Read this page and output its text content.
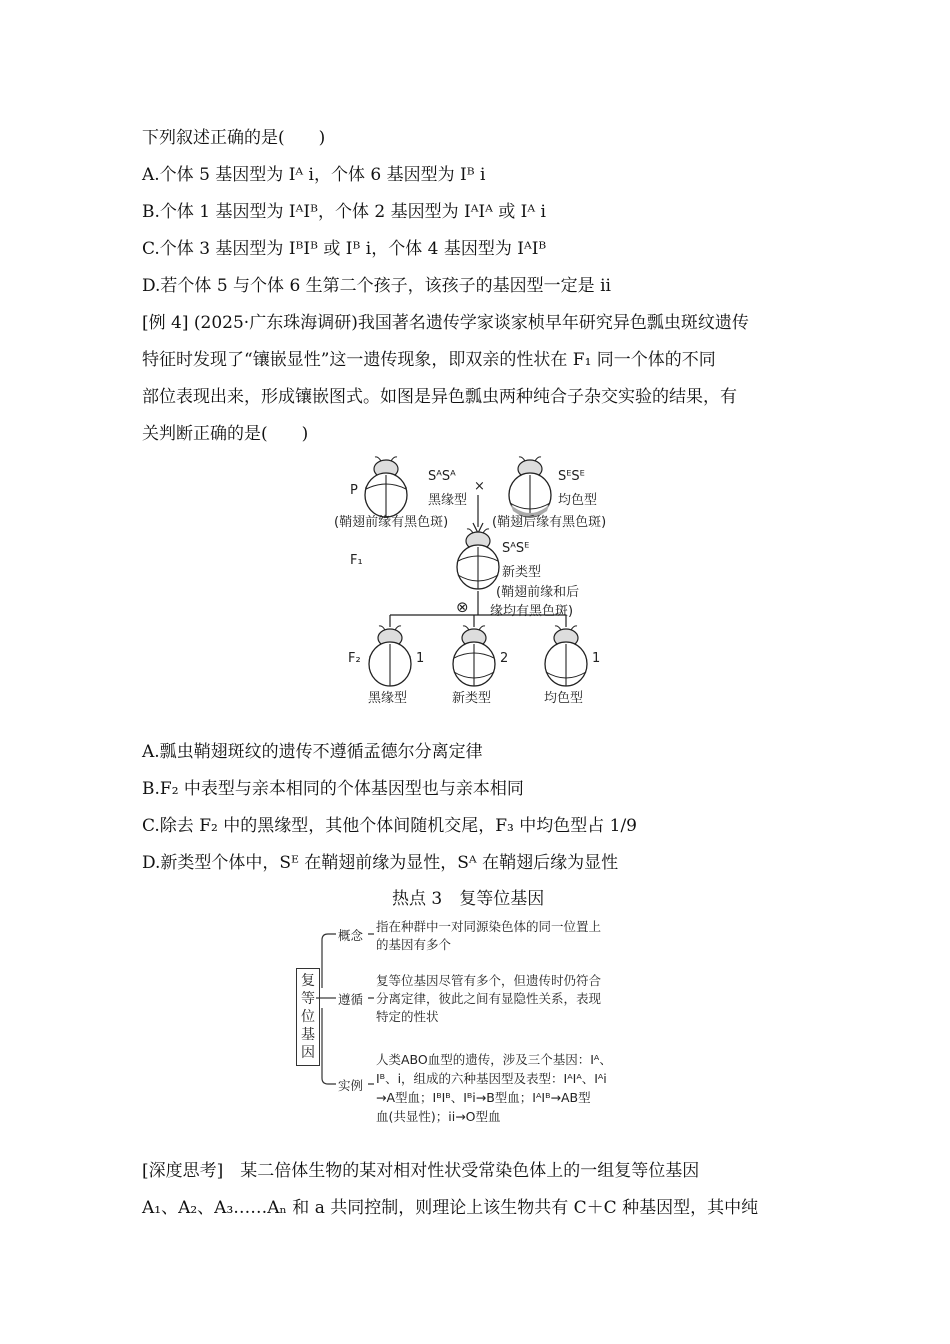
下列叙述正确的是(　　)
A.个体 5 基因型为 Iᴬ i，个体 6 基因型为 Iᴮ i
B.个体 1 基因型为 IᴬIᴮ，个体 2 基因型为 IᴬIᴬ 或 Iᴬ i
C.个体 3 基因型为 IᴮIᴮ 或 Iᴮ i，个体 4 基因型为 IᴬIᴮ
D.若个体 5 与个体 6 生第二个孩子，该孩子的基因型一定是 ii
[例 4] (2025·广东珠海调研)我国著名遗传学家谈家桢早年研究异色瓢虫斑纹遗传
特征时发现了“镶嵌显性”这一遗传现象，即双亲的性状在 F₁ 同一个体的不同
部位表现出来，形成镶嵌图式。如图是异色瓢虫两种纯合子杂交实验的结果，有
关判断正确的是(　　)
P
SᴬSᴬ
黑缘型
(鞘翅前缘有黑色斑)
×
SᴱSᴱ
均色型
(鞘翅后缘有黑色斑)
F₁
SᴬSᴱ
新类型
(鞘翅前缘和后
缘均有黑色斑)
⊗
F₂	1	2	1
黑缘型	新类型	均色型
A.瓢虫鞘翅斑纹的遗传不遵循孟德尔分离定律
B.F₂ 中表型与亲本相同的个体基因型也与亲本相同
C.除去 F₂ 中的黑缘型，其他个体间随机交尾，F₃ 中均色型占 1/9
D.新类型个体中，Sᴱ 在鞘翅前缘为显性，Sᴬ 在鞘翅后缘为显性
热点 3　复等位基因
复等位基因
概念
指在种群中一对同源染色体的同一位置上
的基因有多个
遵循
复等位基因尽管有多个，但遗传时仍符合
分离定律，彼此之间有显隐性关系，表现
特定的性状
实例
人类ABO血型的遗传，涉及三个基因：Iᴬ、
Iᴮ、i，组成的六种基因型及表型：IᴬIᴬ、Iᴬi
→A型血；IᴮIᴮ、Iᴮi→B型血；IᴬIᴮ→AB型
血(共显性)；ii→O型血
[深度思考]　某二倍体生物的某对相对性状受常染色体上的一组复等位基因
A₁、A₂、A₃……Aₙ 和 a 共同控制，则理论上该生物共有 C＋C 种基因型，其中纯
